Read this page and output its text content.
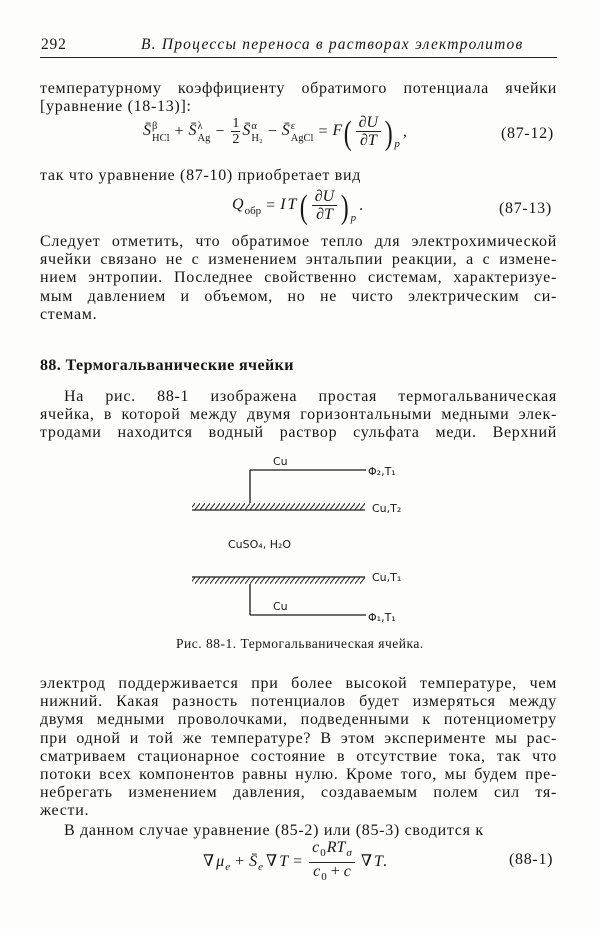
292	В. Процессы переноса в растворах электролитов
температурному коэффициенту обратимого потенциала ячейки
[уравнение (18-13)]:
S̄ β
HCl + S̄ λ
$Ag - \frac{1}{2}$ S̄ α
H₂ − S̄ ε
AgCl = $F( \frac{\partial U}{\partial T}$ ) $_p$,	(87-12)
так что уравнение (87-10) приобретает вид
$Q_{обр} = IT( \frac{\partial U}{\partial T}$ ) $_p$.	(87-13)
Следует отметить, что обратимое тепло для электрохимической
ячейки связано не с изменением энтальпии реакции, а с измене-
нием энтропии. Последнее свойственно системам, характеризуе-
мым давлением и объемом, но не чисто электрическим си-
стемам.
88. Термогальванические ячейки
На рис. 88-1 изображена простая термогальваническая
ячейка, в которой между двумя горизонтальными медными элек-
тродами находится водный раствор сульфата меди. Верхний
Cu
Φ₂,T₁
Cu,T₂
CuSO₄, H₂O
Cu,T₁
Cu
Φ₁,T₁
Рис. 88-1. Термогальваническая ячейка.
электрод поддерживается при более высокой температуре, чем
нижний. Какая разность потенциалов будет измеряться между
двумя медными проволочками, подведенными к потенциометру
при одной и той же температуре? В этом эксперименте мы рас-
сматриваем стационарное состояние в отсутствие тока, так что
потоки всех компонентов равны нулю. Кроме того, мы будем пре-
небрегать изменением давления, создаваемым полем сил тя-
жести.
В данном случае уравнение (85-2) или (85-3) сводится к
∇ $\mu_e$ + $S̄_e$ ∇ $T = \frac{c_0RT_\sigma}{c_0 + c}$ ∇ T.	(88-1)
